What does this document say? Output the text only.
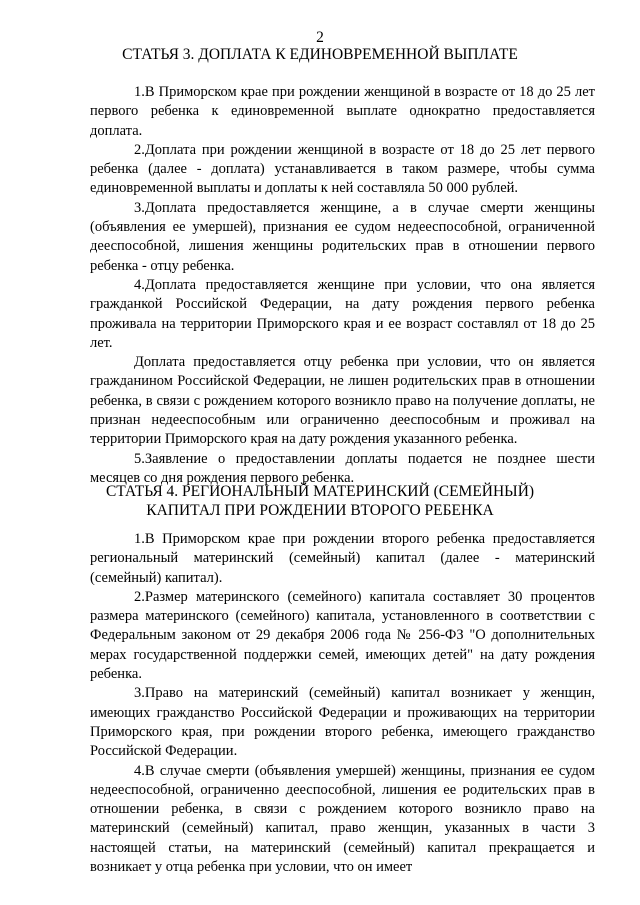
2
СТАТЬЯ 3. ДОПЛАТА К ЕДИНОВРЕМЕННОЙ ВЫПЛАТЕ

1.В Приморском крае при рождении женщиной в возрасте от 18 до 25 лет первого ребенка к единовременной выплате однократно предоставляется доплата.

2.Доплата при рождении женщиной в возрасте от 18 до 25 лет первого ребенка (далее - доплата) устанавливается в таком размере, чтобы сумма единовременной выплаты и доплаты к ней составляла 50 000 рублей.

3.Доплата предоставляется женщине, а в случае смерти женщины (объявления ее умершей), признания ее судом недееспособной, ограниченной дееспособной, лишения женщины родительских прав в отношении первого ребенка - отцу ребенка.

4.Доплата предоставляется женщине при условии, что она является гражданкой Российской Федерации, на дату рождения первого ребенка проживала на территории Приморского края и ее возраст составлял от 18 до 25 лет.

Доплата предоставляется отцу ребенка при условии, что он является гражданином Российской Федерации, не лишен родительских прав в отношении ребенка, в связи с рождением которого возникло право на получение доплаты, не признан недееспособным или ограниченно дееспособным и проживал на территории Приморского края на дату рождения указанного ребенка.

5.Заявление о предоставлении доплаты подается не позднее шести месяцев со дня рождения первого ребенка.

СТАТЬЯ 4. РЕГИОНАЛЬНЫЙ МАТЕРИНСКИЙ (СЕМЕЙНЫЙ)
КАПИТАЛ ПРИ РОЖДЕНИИ ВТОРОГО РЕБЕНКА

1.В Приморском крае при рождении второго ребенка предоставляется региональный материнский (семейный) капитал (далее - материнский (семейный) капитал).

2.Размер материнского (семейного) капитала составляет 30 процентов размера материнского (семейного) капитала, установленного в соответствии с Федеральным законом от 29 декабря 2006 года № 256-ФЗ "О дополнительных мерах государственной поддержки семей, имеющих детей" на дату рождения ребенка.

3.Право на материнский (семейный) капитал возникает у женщин, имеющих гражданство Российской Федерации и проживающих на территории Приморского края, при рождении второго ребенка, имеющего гражданство Российской Федерации.

4.В случае смерти (объявления умершей) женщины, признания ее судом недееспособной, ограниченно дееспособной, лишения ее родительских прав в отношении ребенка, в связи с рождением которого возникло право на материнский (семейный) капитал, право женщин, указанных в части 3 настоящей статьи, на материнский (семейный) капитал прекращается и возникает у отца ребенка при условии, что он имеет
